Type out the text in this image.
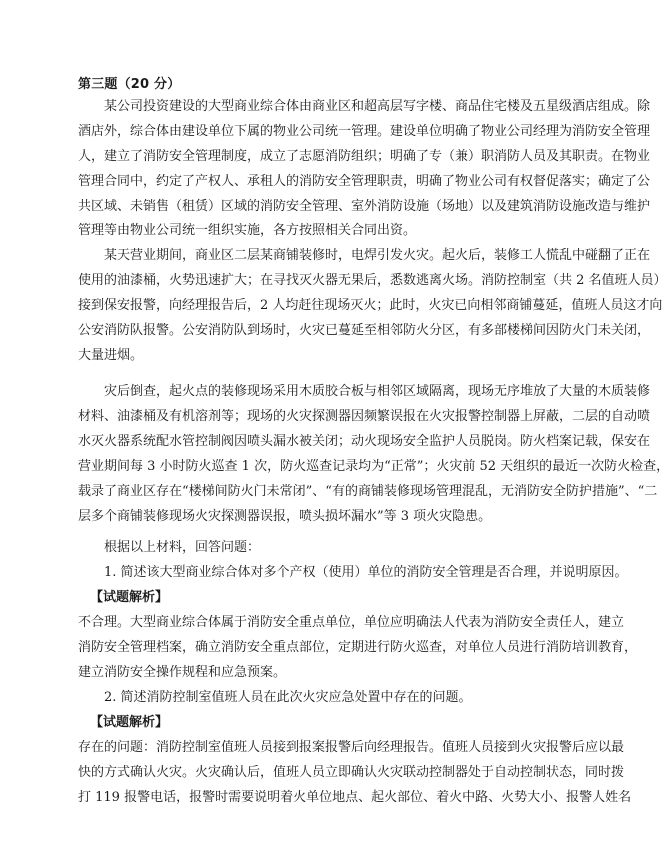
第三题（20 分）
某公司投资建设的大型商业综合体由商业区和超高层写字楼、商品住宅楼及五星级酒店组成。除
酒店外，综合体由建设单位下属的物业公司统一管理。建设单位明确了物业公司经理为消防安全管理
人，建立了消防安全管理制度，成立了志愿消防组织；明确了专（兼）职消防人员及其职责。在物业
管理合同中，约定了产权人、承租人的消防安全管理职责，明确了物业公司有权督促落实；确定了公
共区域、未销售（租赁）区域的消防安全管理、室外消防设施（场地）以及建筑消防设施改造与维护
管理等由物业公司统一组织实施，各方按照相关合同出资。
某天营业期间，商业区二层某商铺装修时，电焊引发火灾。起火后，装修工人慌乱中碰翻了正在
使用的油漆桶，火势迅速扩大；在寻找灭火器无果后，悉数逃离火场。消防控制室（共 2 名值班人员）
接到保安报警，向经理报告后，2 人均赶往现场灭火；此时，火灾已向相邻商铺蔓延，值班人员这才向
公安消防队报警。公安消防队到场时，火灾已蔓延至相邻防火分区，有多部楼梯间因防火门未关闭，
大量进烟。
灾后倒查，起火点的装修现场采用木质胶合板与相邻区域隔离，现场无序堆放了大量的木质装修
材料、油漆桶及有机溶剂等；现场的火灾探测器因频繁误报在火灾报警控制器上屏蔽，二层的自动喷
水灭火器系统配水管控制阀因喷头漏水被关闭；动火现场安全监护人员脱岗。防火档案记载，保安在
营业期间每 3 小时防火巡查 1 次，防火巡查记录均为“正常”；火灾前 52 天组织的最近一次防火检查，
载录了商业区存在“楼梯间防火门未常闭”、“有的商铺装修现场管理混乱，无消防安全防护措施”、“二
层多个商铺装修现场火灾探测器误报，喷头损坏漏水”等 3 项火灾隐患。
根据以上材料，回答问题：
1. 简述该大型商业综合体对多个产权（使用）单位的消防安全管理是否合理，并说明原因。
【试题解析】
不合理。大型商业综合体属于消防安全重点单位，单位应明确法人代表为消防安全责任人，建立
消防安全管理档案，确立消防安全重点部位，定期进行防火巡查，对单位人员进行消防培训教育，
建立消防安全操作规程和应急预案。
2. 简述消防控制室值班人员在此次火灾应急处置中存在的问题。
【试题解析】
存在的问题：消防控制室值班人员接到报案报警后向经理报告。值班人员接到火灾报警后应以最
快的方式确认火灾。火灾确认后，值班人员立即确认火灾联动控制器处于自动控制状态，同时拨
打 119 报警电话，报警时需要说明着火单位地点、起火部位、着火中路、火势大小、报警人姓名
